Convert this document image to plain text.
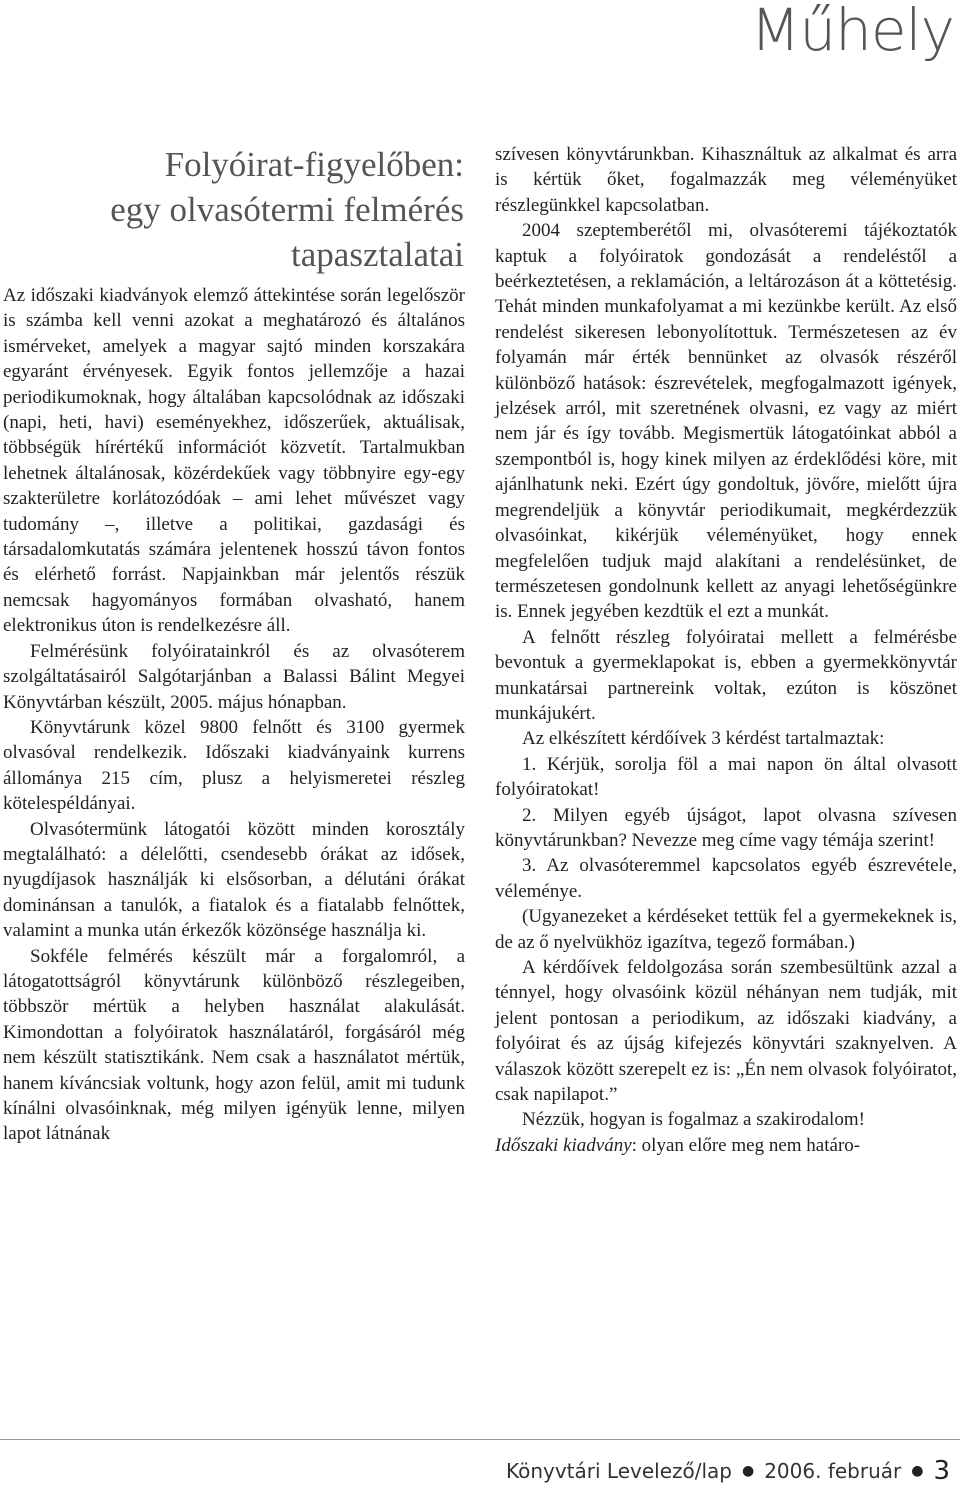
Műhely
Folyóirat-figyelőben:
egy olvasótermi felmérés
tapasztalatai

Az időszaki kiadványok elemző áttekintése során legelőször is számba kell venni azokat a meghatározó és általános ismérveket, amelyek a magyar sajtó minden korszakára egyaránt érvényesek. Egyik fontos jellemzője a hazai periodikumoknak, hogy általában kapcsolódnak az időszaki (napi, heti, havi) eseményekhez, időszerűek, aktuálisak, többségük hírértékű információt közvetít. Tartalmukban lehetnek általánosak, közérdekűek vagy többnyire egy-egy szakterületre korlátozódóak – ami lehet művészet vagy tudomány –, illetve a politikai, gazdasági és társadalomkutatás számára jelentenek hosszú távon fontos és elérhető forrást. Napjainkban már jelentős részük nemcsak hagyományos formában olvasható, hanem elektronikus úton is rendelkezésre áll.

Felmérésünk folyóiratainkról és az olvasóterem szolgáltatásairól Salgótarjánban a Balassi Bálint Megyei Könyvtárban készült, 2005. május hónapban.

Könyvtárunk közel 9800 felnőtt és 3100 gyermek olvasóval rendelkezik. Időszaki kiadványaink kurrens állománya 215 cím, plusz a helyismeretei részleg kötelespéldányai.

Olvasótermünk látogatói között minden korosztály megtalálható: a délelőtti, csendesebb órákat az idősek, nyugdíjasok használják ki elsősorban, a délutáni órákat dominánsan a tanulók, a fiatalok és a fiatalabb felnőttek, valamint a munka után érkezők közönsége használja ki.

Sokféle felmérés készült már a forgalomról, a látogatottságról könyvtárunk különböző részlegeiben, többször mértük a helyben használat alakulását. Kimondottan a folyóiratok használatáról, forgásáról még nem készült statisztikánk. Nem csak a használatot mértük, hanem kíváncsiak voltunk, hogy azon felül, amit mi tudunk kínálni olvasóinknak, még milyen igényük lenne, milyen lapot látnának

szívesen könyvtárunkban. Kihasználtuk az alkalmat és arra is kértük őket, fogalmazzák meg véleményüket részlegünkkel kapcsolatban.

2004 szeptemberétől mi, olvasóteremi tájékoztatók kaptuk a folyóiratok gondozását a rendeléstől a beérkeztetésen, a reklamáción, a leltározáson át a köttetésig. Tehát minden munkafolyamat a mi kezünkbe került. Az első rendelést sikeresen lebonyolítottuk. Természetesen az év folyamán már érték bennünket az olvasók részéről különböző hatások: észrevételek, megfogalmazott igények, jelzések arról, mit szeretnének olvasni, ez vagy az miért nem jár és így tovább. Megismertük látogatóinkat abból a szempontból is, hogy kinek milyen az érdeklődési köre, mit ajánlhatunk neki. Ezért úgy gondoltuk, jövőre, mielőtt újra megrendeljük a könyvtár periodikumait, megkérdezzük olvasóinkat, kikérjük véleményüket, hogy ennek megfelelően tudjuk majd alakítani a rendelésünket, de természetesen gondolnunk kellett az anyagi lehetőségünkre is. Ennek jegyében kezdtük el ezt a munkát.

A felnőtt részleg folyóiratai mellett a felmérésbe bevontuk a gyermeklapokat is, ebben a gyermekkönyvtár munkatársai partnereink voltak, ezúton is köszönet munkájukért.

Az elkészített kérdőívek 3 kérdést tartalmaztak:

1. Kérjük, sorolja föl a mai napon ön által olvasott folyóiratokat!

2. Milyen egyéb újságot, lapot olvasna szívesen könyvtárunkban? Nevezze meg címe vagy témája szerint!

3. Az olvasóteremmel kapcsolatos egyéb észrevétele, véleménye.

(Ugyanezeket a kérdéseket tettük fel a gyermekeknek is, de az ő nyelvükhöz igazítva, tegező formában.)

A kérdőívek feldolgozása során szembesültünk azzal a ténnyel, hogy olvasóink közül néhányan nem tudják, mit jelent pontosan a periodikum, az időszaki kiadvány, a folyóirat és az újság kifejezés könyvtári szaknyelven. A válaszok között szerepelt ez is: „Én nem olvasok folyóiratot, csak napilapot.”

Nézzük, hogyan is fogalmaz a szakirodalom!

Időszaki kiadvány: olyan előre meg nem határo-

Könyvtári Levelező/lap ● 2006. február ● 3
